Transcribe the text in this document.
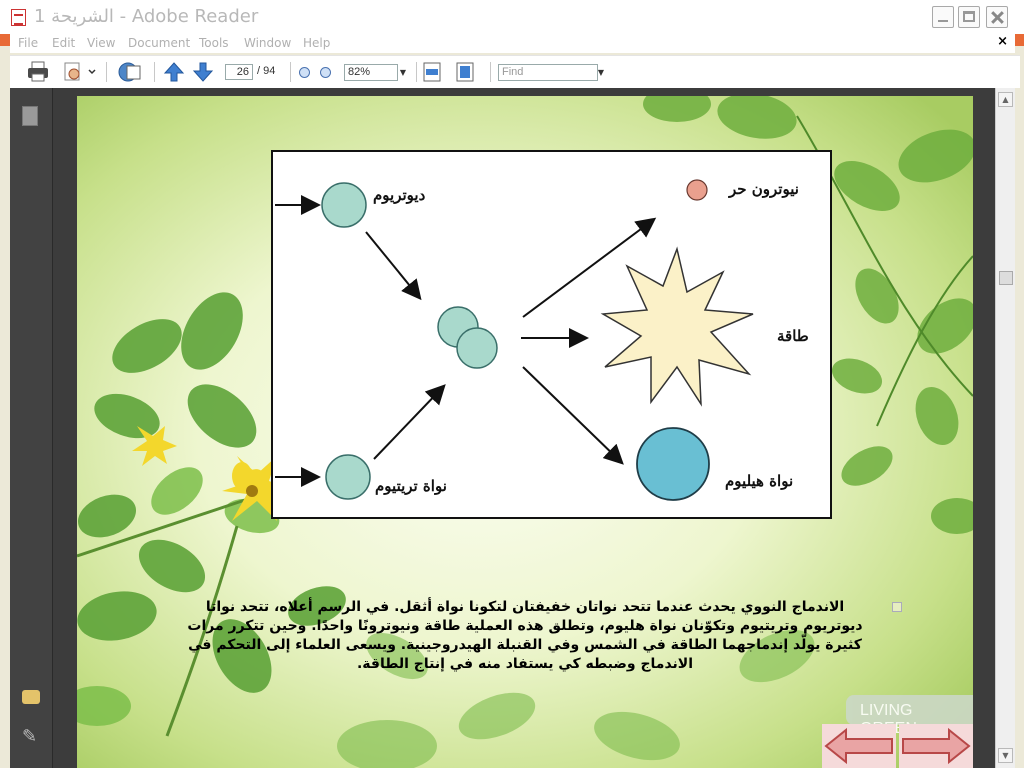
الشريحة 1 - Adobe Reader
File Edit View Document Tools Window Help	×
26 / 94	82%	▼	Find	▼
✎
ديوتريوم	نيوترون حر
طاقة
نواة تريتيوم	نواة هيليوم
الاندماج النووي يحدث عندما تتحد نواتان خفيفتان لتكونا نواة أثقل. في الرسم أعلاه، تتحد نواتا ديوتريوم وتريتيوم وتكوّنان نواة هليوم، وتطلق هذه العملية طاقة ونيوترونًا واحدًا. وحين تتكرر مرات كثيرة يولّد إندماجهما الطاقة في الشمس وفي القنبلة الهيدروجينية. ويسعى العلماء إلى التحكم في الاندماج وضبطه كي يستفاد منه في إنتاج الطاقة.
LIVING
▲
▼
